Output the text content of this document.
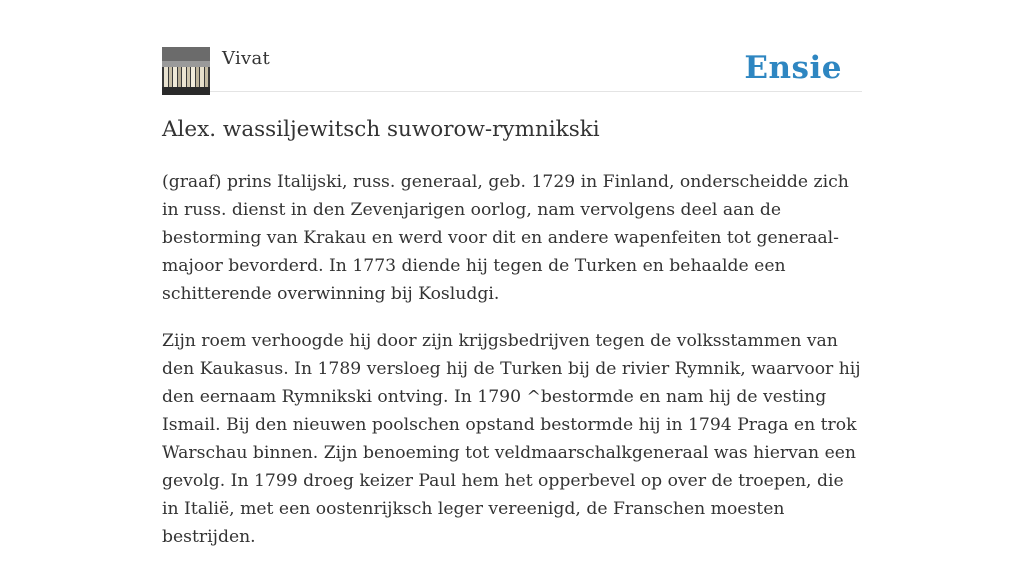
Vivat	Ensie
Alex. wassiljewitsch suworow-rymnikski

(graaf) prins Italijski, russ. generaal, geb. 1729 in Finland, onderscheidde zich in russ. dienst in den Zevenjarigen oorlog, nam vervolgens deel aan de bestorming van Krakau en werd voor dit en andere wapenfeiten tot generaal-majoor bevorderd. In 1773 diende hij tegen de Turken en behaalde een schitterende overwinning bij Kosludgi.

Zijn roem verhoogde hij door zijn krijgsbedrijven tegen de volksstammen van den Kaukasus. In 1789 versloeg hij de Turken bij de rivier Rymnik, waarvoor hij den eernaam Rymnikski ontving. In 1790 ^bestormde en nam hij de vesting Ismail. Bij den nieuwen poolschen opstand bestormde hij in 1794 Praga en trok Warschau binnen. Zijn benoeming tot veldmaarschalkgeneraal was hiervan een gevolg. In 1799 droeg keizer Paul hem het opperbevel op over de troepen, die in Italië, met een oostenrijksch leger vereenigd, de Franschen moesten bestrijden.
